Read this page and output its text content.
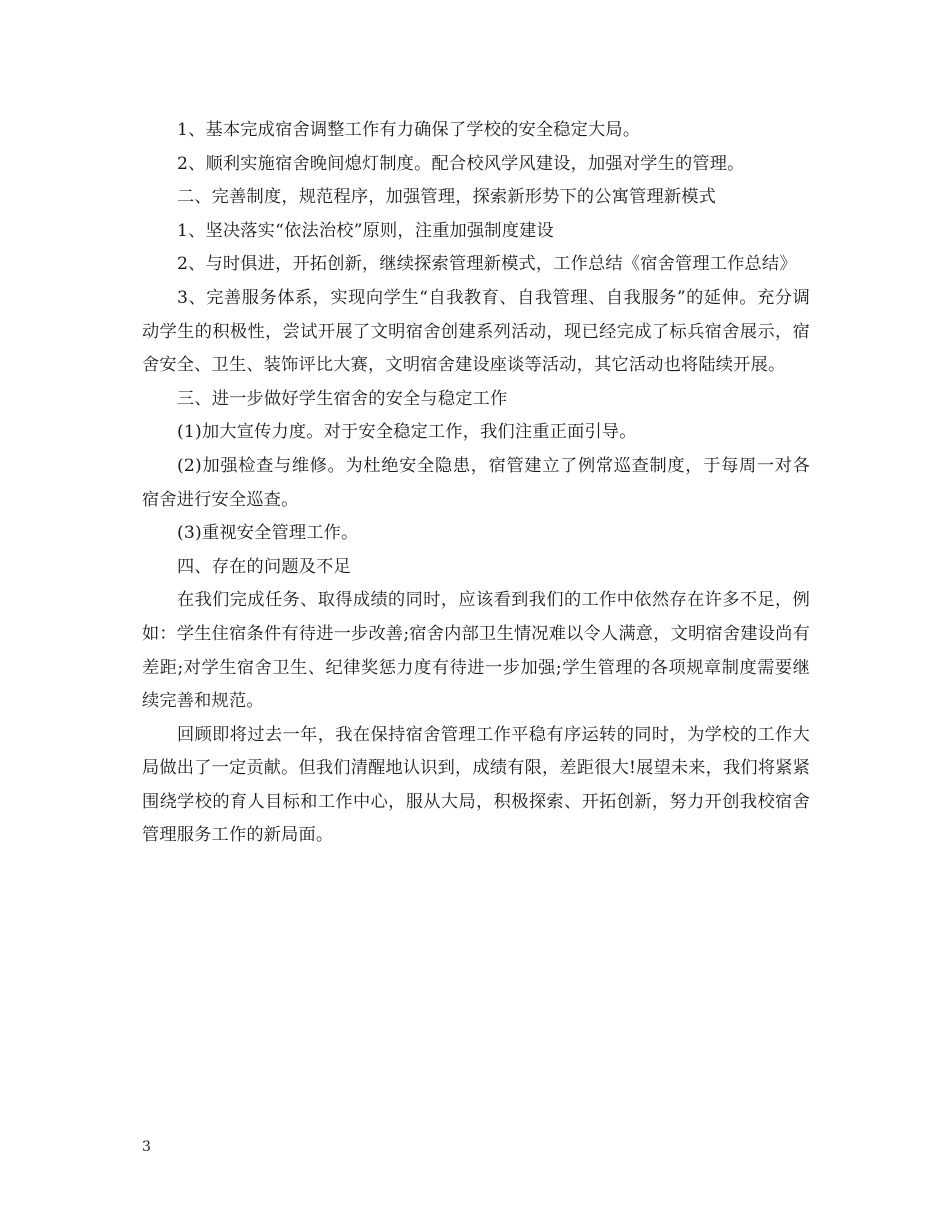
1、基本完成宿舍调整工作有力确保了学校的安全稳定大局。

2、顺利实施宿舍晚间熄灯制度。配合校风学风建设，加强对学生的管理。

二、完善制度，规范程序，加强管理，探索新形势下的公寓管理新模式

1、坚决落实“依法治校”原则，注重加强制度建设

2、与时俱进，开拓创新，继续探索管理新模式，工作总结《宿舍管理工作总结》

3、完善服务体系，实现向学生“自我教育、自我管理、自我服务”的延伸。充分调动学生的积极性，尝试开展了文明宿舍创建系列活动，现已经完成了标兵宿舍展示，宿舍安全、卫生、装饰评比大赛，文明宿舍建设座谈等活动，其它活动也将陆续开展。

三、进一步做好学生宿舍的安全与稳定工作

(1)加大宣传力度。对于安全稳定工作，我们注重正面引导。

(2)加强检查与维修。为杜绝安全隐患，宿管建立了例常巡查制度，于每周一对各宿舍进行安全巡查。

(3)重视安全管理工作。

四、存在的问题及不足

在我们完成任务、取得成绩的同时，应该看到我们的工作中依然存在许多不足，例如：学生住宿条件有待进一步改善;宿舍内部卫生情况难以令人满意，文明宿舍建设尚有差距;对学生宿舍卫生、纪律奖惩力度有待进一步加强;学生管理的各项规章制度需要继续完善和规范。

回顾即将过去一年，我在保持宿舍管理工作平稳有序运转的同时，为学校的工作大局做出了一定贡献。但我们清醒地认识到，成绩有限，差距很大!展望未来，我们将紧紧围绕学校的育人目标和工作中心，服从大局，积极探索、开拓创新，努力开创我校宿舍管理服务工作的新局面。

3
